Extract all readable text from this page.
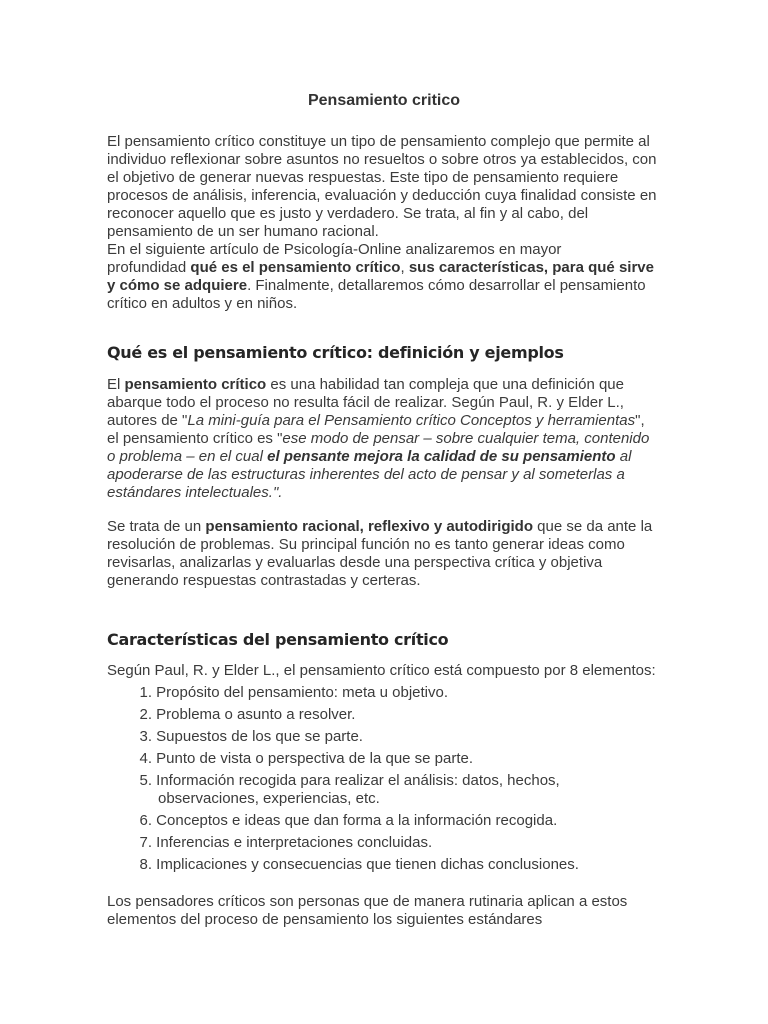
Pensamiento critico
El pensamiento crítico constituye un tipo de pensamiento complejo que permite al
individuo reflexionar sobre asuntos no resueltos o sobre otros ya establecidos, con
el objetivo de generar nuevas respuestas. Este tipo de pensamiento requiere
procesos de análisis, inferencia, evaluación y deducción cuya finalidad consiste en
reconocer aquello que es justo y verdadero. Se trata, al fin y al cabo, del
pensamiento de un ser humano racional.
En el siguiente artículo de Psicología-Online analizaremos en mayor
profundidad qué es el pensamiento crítico, sus características, para qué sirve
y cómo se adquiere. Finalmente, detallaremos cómo desarrollar el pensamiento
crítico en adultos y en niños.
Qué es el pensamiento crítico: definición y ejemplos
El pensamiento crítico es una habilidad tan compleja que una definición que
abarque todo el proceso no resulta fácil de realizar. Según Paul, R. y Elder L.,
autores de "La mini-guía para el Pensamiento crítico Conceptos y herramientas",
el pensamiento crítico es "ese modo de pensar – sobre cualquier tema, contenido
o problema – en el cual el pensante mejora la calidad de su pensamiento al
apoderarse de las estructuras inherentes del acto de pensar y al someterlas a
estándares intelectuales.".
Se trata de un pensamiento racional, reflexivo y autodirigido que se da ante la
resolución de problemas. Su principal función no es tanto generar ideas como
revisarlas, analizarlas y evaluarlas desde una perspectiva crítica y objetiva
generando respuestas contrastadas y certeras.
Características del pensamiento crítico
Según Paul, R. y Elder L., el pensamiento crítico está compuesto por 8 elementos:
1. Propósito del pensamiento: meta u objetivo.
2. Problema o asunto a resolver.
3. Supuestos de los que se parte.
4. Punto de vista o perspectiva de la que se parte.
5. Información recogida para realizar el análisis: datos, hechos,
observaciones, experiencias, etc.
6. Conceptos e ideas que dan forma a la información recogida.
7. Inferencias e interpretaciones concluidas.
8. Implicaciones y consecuencias que tienen dichas conclusiones.
Los pensadores críticos son personas que de manera rutinaria aplican a estos
elementos del proceso de pensamiento los siguientes estándares
